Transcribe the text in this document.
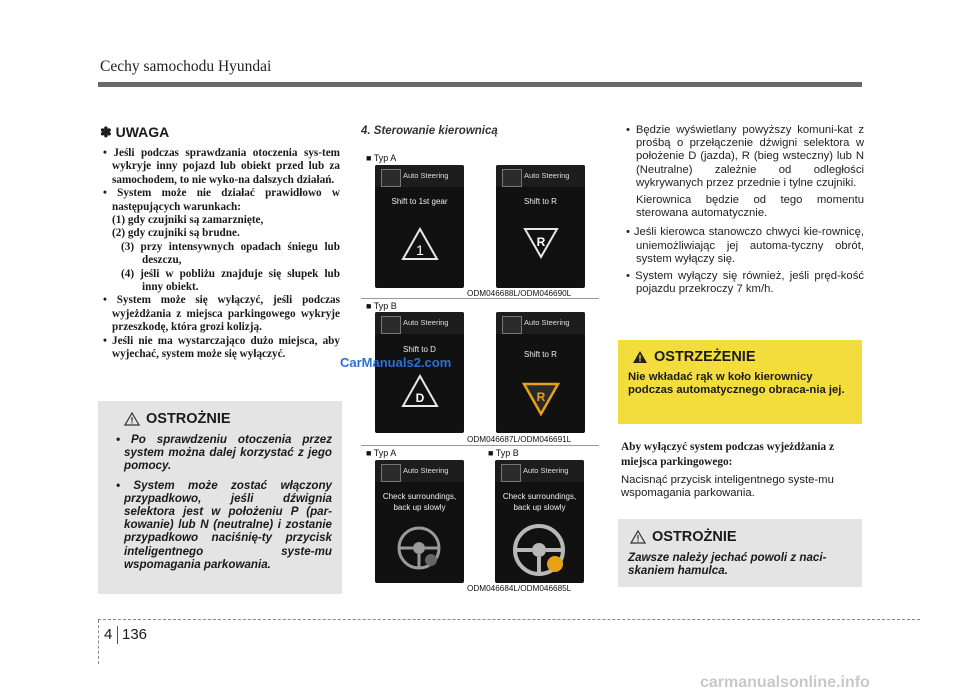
Cechy samochodu Hyundai
✽ UWAGA
• Jeśli podczas sprawdzania otoczenia sys-tem wykryje inny pojazd lub obiekt przed lub za samochodem, to nie wyko-na dalszych działań.
• System może nie działać prawidłowo w następujących warunkach:
(1) gdy czujniki są zamarznięte,
(2) gdy czujniki są brudne.
(3) przy intensywnych opadach śniegu lub deszczu,
(4) jeśli w pobliżu znajduje się słupek lub inny obiekt.
• System może się wyłączyć, jeśli podczas wyjeżdżania z miejsca parkingowego wykryje przeszkodę, która grozi kolizją.
• Jeśli nie ma wystarczająco dużo miejsca, aby wyjechać, system może się wyłączyć.
OSTROŻNIE
• Po sprawdzeniu otoczenia przez system można dalej korzystać z jego pomocy.
• System może zostać włączony przypadkowo, jeśli dźwignia selektora jest w położeniu P (par-kowanie) lub N (neutralne) i zostanie przypadkowo naciśnię-ty przycisk inteligentnego syste-mu wspomagania parkowania.
4. Sterowanie kierownicą
■ Typ A
Auto Steering
Shift to 1st gear
1
Auto Steering
Shift to R
R
ODM046688L/ODM046690L
■ Typ B
Auto Steering
Shift to D
D
Auto Steering
Shift to R
R
ODM046687L/ODM046691L
■ Typ A	■ Typ B
Auto Steering
Check surroundings,
back up slowly
Auto Steering
Check surroundings,
back up slowly
ODM046684L/ODM046685L
• Będzie wyświetlany powyższy komuni-kat z prośbą o przełączenie dźwigni selektora w położenie D (jazda), R (bieg wsteczny) lub N (Neutralne) zależnie od odległości wykrywanych przez przednie i tylne czujniki.

Kierownica będzie od tego momentu sterowana automatycznie.

• Jeśli kierowca stanowczo chwyci kie-rownicę, uniemożliwiając jej automa-tyczny obrót, system wyłączy się.
• System wyłączy się również, jeśli pręd-kość pojazdu przekroczy 7 km/h.
OSTRZEŻENIE
Nie wkładać rąk w koło kierownicy podczas automatycznego obraca-nia jej.
Aby wyłączyć system podczas wyjeżdżania z miejsca parkingowego:
Nacisnąć przycisk inteligentnego syste-mu wspomagania parkowania.
OSTROŻNIE
Zawsze należy jechać powoli z naci-skaniem hamulca.
CarManuals2.com
carmanualsonline.info
4 136
